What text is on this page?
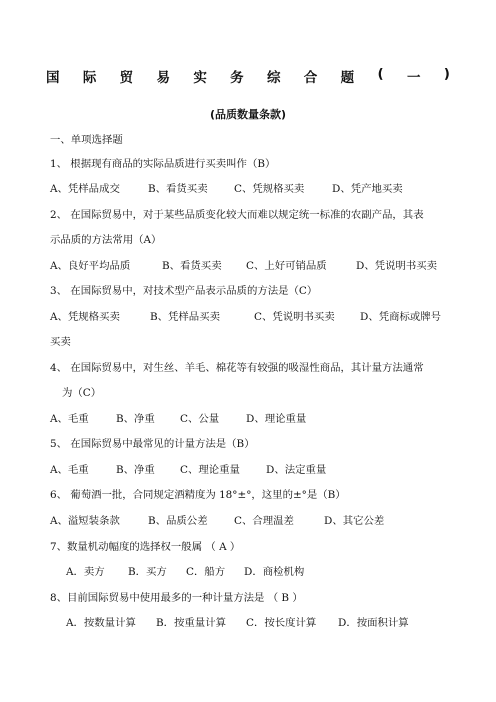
国 际 贸 易 实 务 综 合 题 ( 一 )
(品质数量条款)
一、单项选择题
1、 根据现有商品的实际品质进行买卖叫作（B）
A、凭样品成交	B、看货买卖	C、凭规格买卖	D、凭产地买卖
2、 在国际贸易中，对于某些品质变化较大而难以规定统一标准的农副产品，其表
示品质的方法常用（A）
A、良好平均品质	B、看货买卖 C、上好可销品质	D、凭说明书买卖
3、 在国际贸易中，对技术型产品表示品质的方法是（C）
A、凭规格买卖	B、凭样品买卖	C、凭说明书买卖 D、凭商标或牌号
买卖
4、 在国际贸易中，对生丝、羊毛、棉花等有较强的吸湿性商品，其计量方法通常
为（C）
A、毛重	B、净重 C、公量	D、理论重量
5、 在国际贸易中最常见的计量方法是（B）
A、毛重	B、净重 C、理论重量	D、法定重量
6、 葡萄酒一批，合同规定酒精度为 18°±°，这里的±°是（B）
A、溢短装条款	B、品质公差	C、合理温差	D、其它公差
7、数量机动幅度的选择权一般属 （ A ）
A．卖方 B．买方 C．船方 D．商检机构
8、目前国际贸易中使用最多的一种计量方法是 （ B ）
A．按数量计算 B．按重量计算 C．按长度计算 D．按面积计算
